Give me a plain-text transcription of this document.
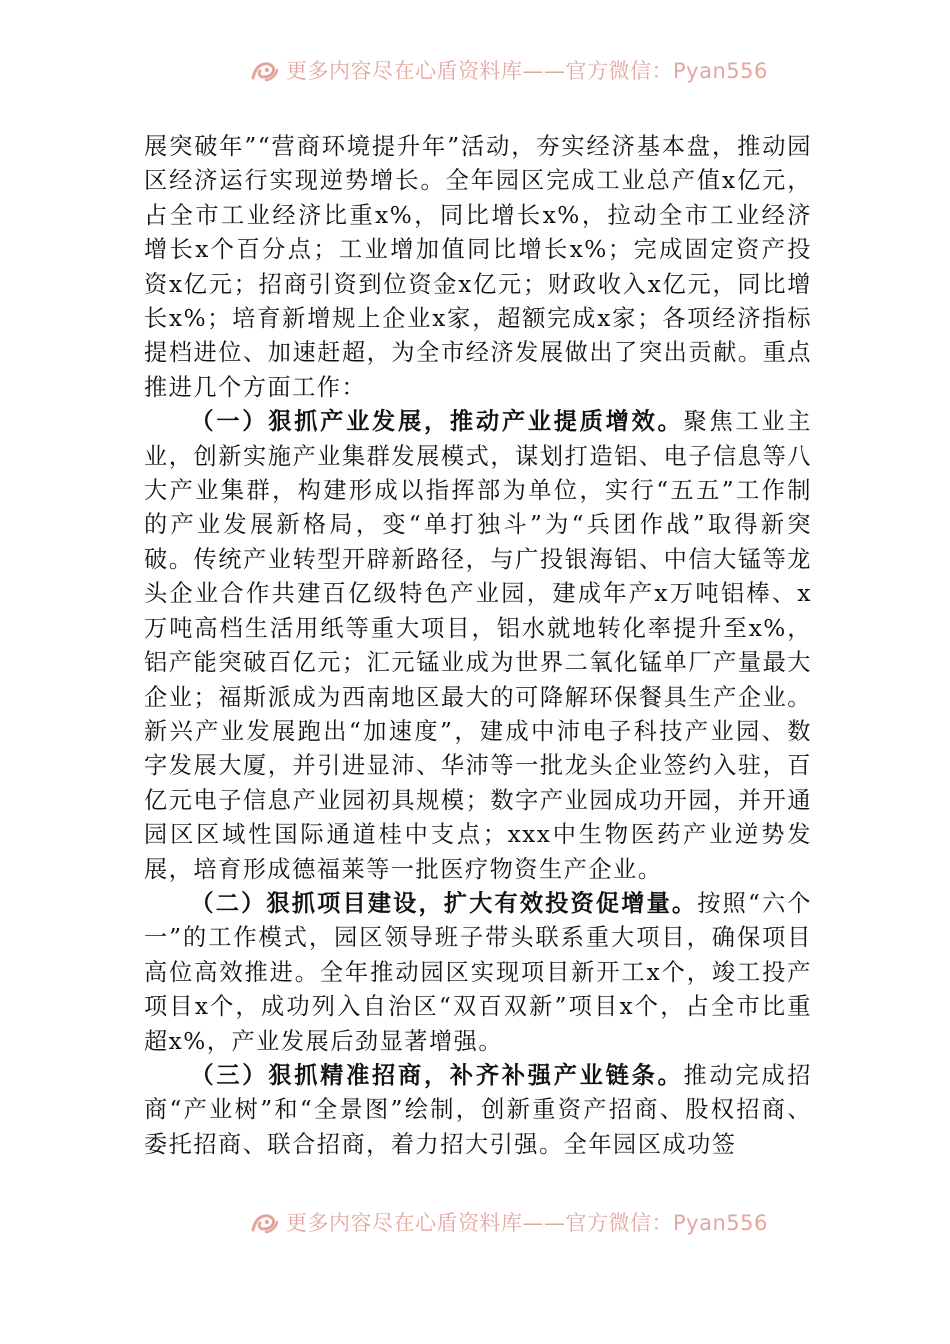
更多内容尽在心盾资料库——官方微信：Pyan556

展突破年”“营商环境提升年”活动，夯实经济基本盘，推动园区经济运行实现逆势增长。全年园区完成工业总产值x亿元，占全市工业经济比重x%，同比增长x%，拉动全市工业经济增长x个百分点；工业增加值同比增长x%；完成固定资产投资x亿元；招商引资到位资金x亿元；财政收入x亿元，同比增长x%；培育新增规上企业x家，超额完成x家；各项经济指标提档进位、加速赶超，为全市经济发展做出了突出贡献。重点推进几个方面工作：

（一）狠抓产业发展，推动产业提质增效。聚焦工业主业，创新实施产业集群发展模式，谋划打造铝、电子信息等八大产业集群，构建形成以指挥部为单位，实行“五五”工作制的产业发展新格局，变“单打独斗”为“兵团作战”取得新突破。传统产业转型开辟新路径，与广投银海铝、中信大锰等龙头企业合作共建百亿级特色产业园，建成年产x万吨铝棒、x万吨高档生活用纸等重大项目，铝水就地转化率提升至x%，铝产能突破百亿元；汇元锰业成为世界二氧化锰单厂产量最大企业；福斯派成为西南地区最大的可降解环保餐具生产企业。新兴产业发展跑出“加速度”，建成中沛电子科技产业园、数字发展大厦，并引进显沛、华沛等一批龙头企业签约入驻，百亿元电子信息产业园初具规模；数字产业园成功开园，并开通园区区域性国际通道桂中支点；xxx中生物医药产业逆势发展，培育形成德福莱等一批医疗物资生产企业。

（二）狠抓项目建设，扩大有效投资促增量。按照“六个一”的工作模式，园区领导班子带头联系重大项目，确保项目高位高效推进。全年推动园区实现项目新开工x个，竣工投产项目x个，成功列入自治区“双百双新”项目x个，占全市比重超x%，产业发展后劲显著增强。

（三）狠抓精准招商，补齐补强产业链条。推动完成招商“产业树”和“全景图”绘制，创新重资产招商、股权招商、委托招商、联合招商，着力招大引强。全年园区成功签

更多内容尽在心盾资料库——官方微信：Pyan556
